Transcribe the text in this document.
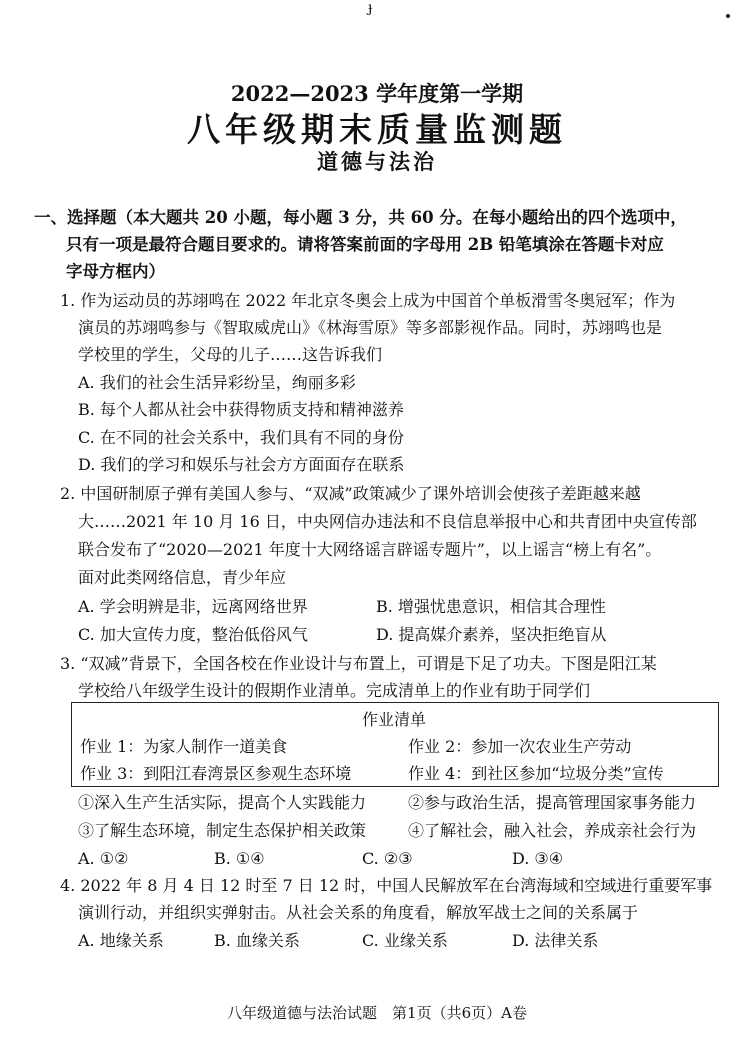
ɟ
2022—2023 学年度第一学期
八年级期末质量监测题
道德与法治
一、选择题（本大题共 20 小题，每小题 3 分，共 60 分。在每小题给出的四个选项中，
只有一项是最符合题目要求的。请将答案前面的字母用 2B 铅笔填涂在答题卡对应
字母方框内）
1. 作为运动员的苏翊鸣在 2022 年北京冬奥会上成为中国首个单板滑雪冬奥冠军；作为
演员的苏翊鸣参与《智取威虎山》《林海雪原》等多部影视作品。同时，苏翊鸣也是
学校里的学生，父母的儿子……这告诉我们
A. 我们的社会生活异彩纷呈，绚丽多彩
B. 每个人都从社会中获得物质支持和精神滋养
C. 在不同的社会关系中，我们具有不同的身份
D. 我们的学习和娱乐与社会方方面面存在联系
2. 中国研制原子弹有美国人参与、“双减”政策减少了课外培训会使孩子差距越来越
大……2021 年 10 月 16 日，中央网信办违法和不良信息举报中心和共青团中央宣传部
联合发布了“2020—2021 年度十大网络谣言辟谣专题片”，以上谣言“榜上有名”。
面对此类网络信息，青少年应
A. 学会明辨是非，远离网络世界	B. 增强忧患意识，相信其合理性
C. 加大宣传力度，整治低俗风气	D. 提高媒介素养，坚决拒绝盲从
3. “双减”背景下，全国各校在作业设计与布置上，可谓是下足了功夫。下图是阳江某
学校给八年级学生设计的假期作业清单。完成清单上的作业有助于同学们
作业清单
作业 1：为家人制作一道美食	作业 2：参加一次农业生产劳动
作业 3：到阳江春湾景区参观生态环境	作业 4：到社区参加“垃圾分类”宣传
①深入生产生活实际，提高个人实践能力	②参与政治生活，提高管理国家事务能力
③了解生态环境，制定生态保护相关政策	④了解社会，融入社会，养成亲社会行为
A. ①②	B. ①④	C. ②③	D. ③④
4. 2022 年 8 月 4 日 12 时至 7 日 12 时，中国人民解放军在台湾海域和空域进行重要军事
演训行动，并组织实弹射击。从社会关系的角度看，解放军战士之间的关系属于
A. 地缘关系	B. 血缘关系	C. 业缘关系	D. 法律关系
八年级道德与法治试题　第1页（共6页）A卷
